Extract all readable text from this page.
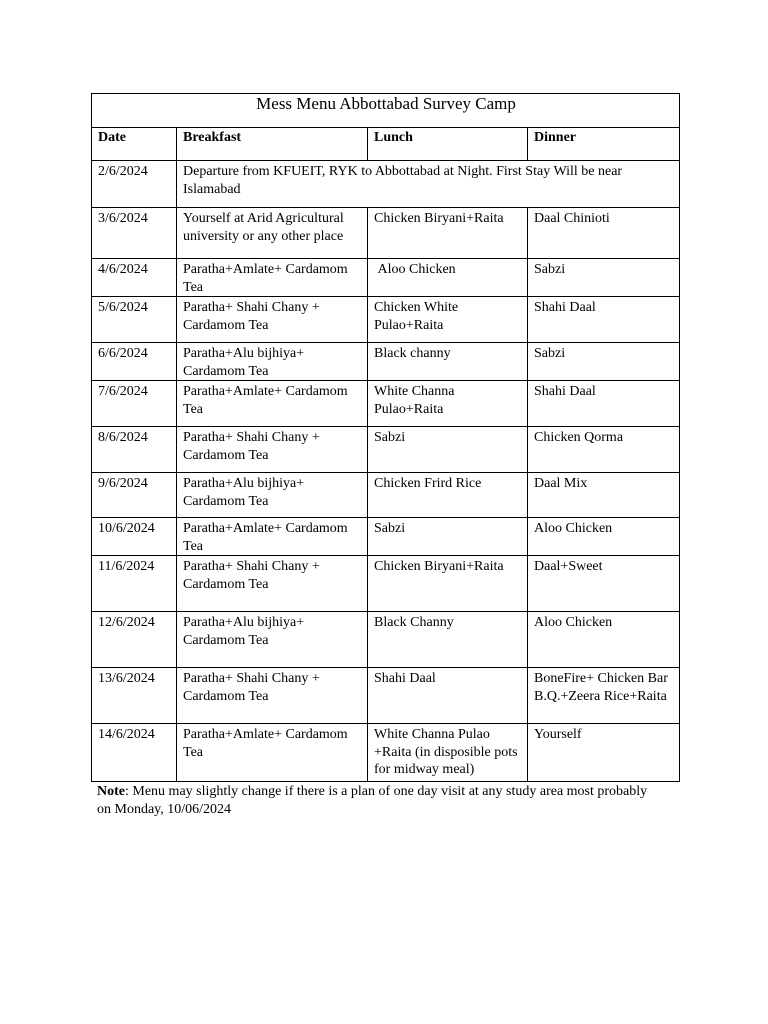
Mess Menu Abbottabad Survey Camp			
Date	Breakfast	Lunch	Dinner
2/6/2024	Departure from KFUEIT, RYK to Abbottabad at Night. First Stay Will be near Islamabad		
3/6/2024	Yourself at Arid Agricultural university or any other place	Chicken Biryani+Raita	Daal Chinioti
4/6/2024	Paratha+Amlate+ Cardamom Tea	Aloo Chicken	Sabzi
5/6/2024	Paratha+ Shahi Chany + Cardamom Tea	Chicken White Pulao+Raita	Shahi Daal
6/6/2024	Paratha+Alu bijhiya+ Cardamom Tea	Black channy	Sabzi
7/6/2024	Paratha+Amlate+ Cardamom Tea	White Channa Pulao+Raita	Shahi Daal
8/6/2024	Paratha+ Shahi Chany + Cardamom Tea	Sabzi	Chicken Qorma
9/6/2024	Paratha+Alu bijhiya+ Cardamom Tea	Chicken Frird Rice	Daal Mix
10/6/2024	Paratha+Amlate+ Cardamom Tea	Sabzi	Aloo Chicken
11/6/2024	Paratha+ Shahi Chany + Cardamom Tea	Chicken Biryani+Raita	Daal+Sweet
12/6/2024	Paratha+Alu bijhiya+ Cardamom Tea	Black Channy	Aloo Chicken
13/6/2024	Paratha+ Shahi Chany + Cardamom Tea	Shahi Daal	BoneFire+ Chicken Bar B.Q.+Zeera Rice+Raita
14/6/2024	Paratha+Amlate+ Cardamom Tea	White Channa Pulao +Raita (in disposible pots for midway meal)	Yourself
Note: Menu may slightly change if there is a plan of one day visit at any study area most probably on Monday, 10/06/2024
